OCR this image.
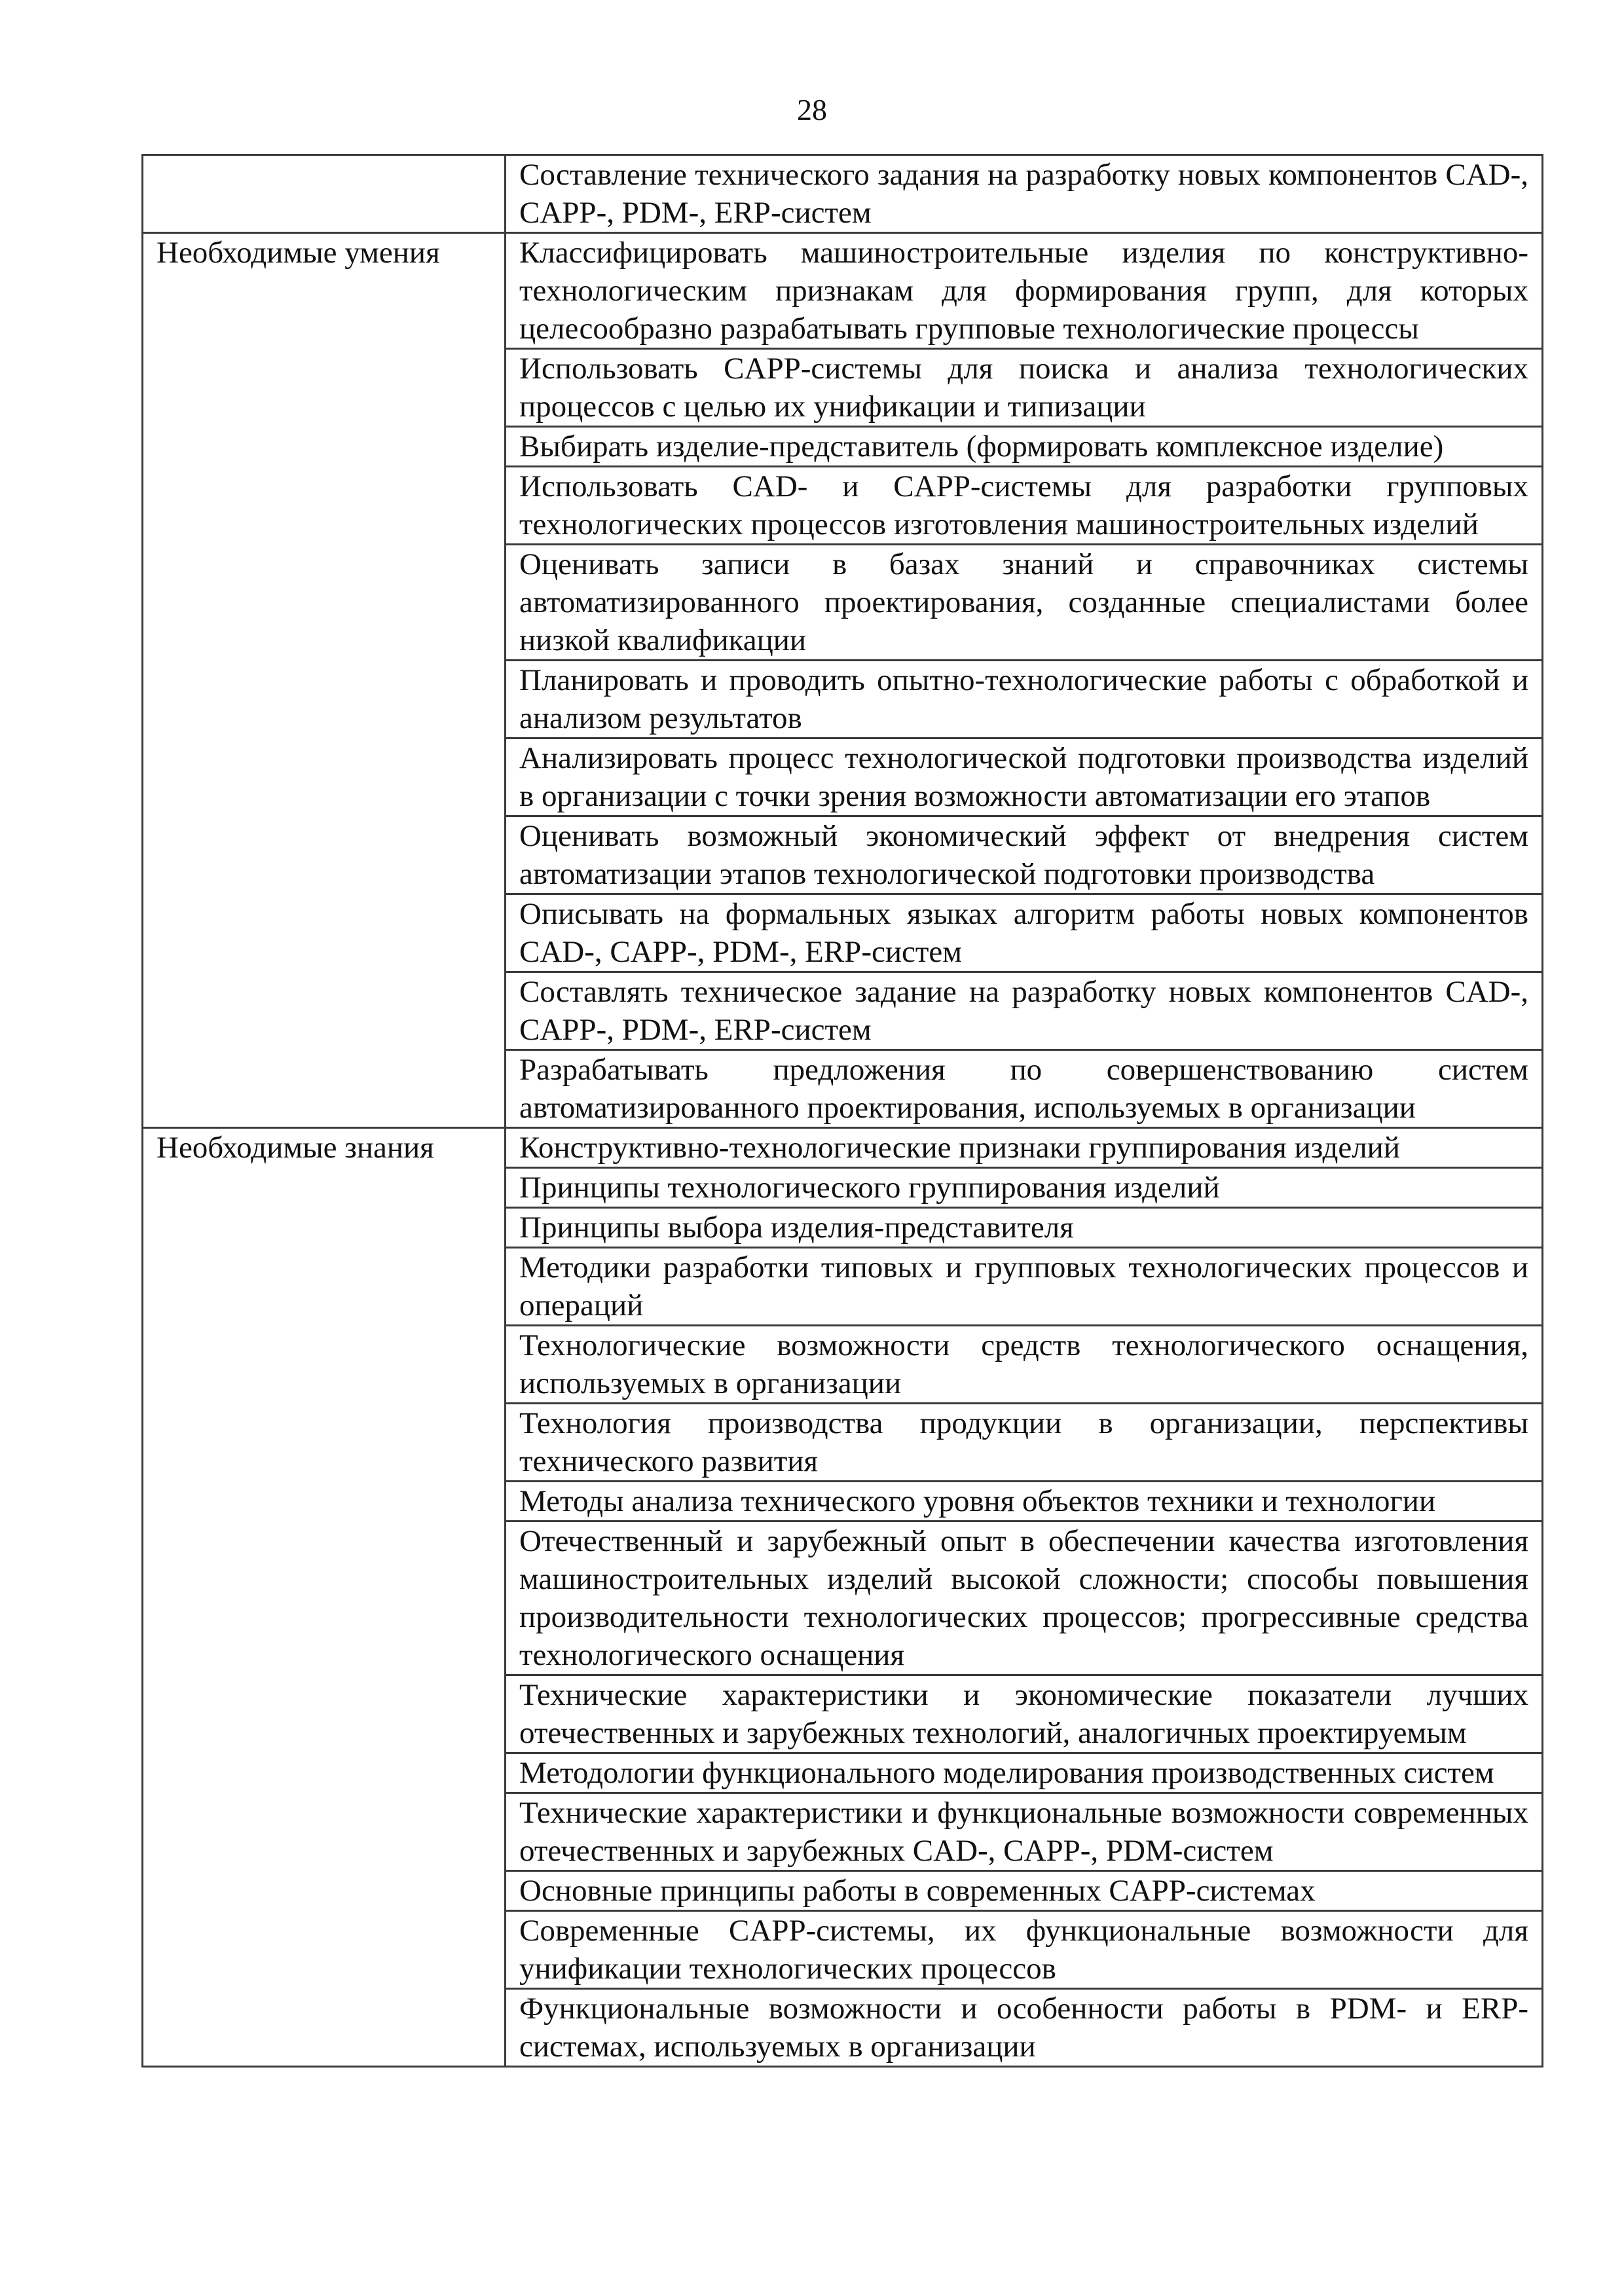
28
	Составление технического задания на разработку новых компонентов CAD-, CAPP-, PDM-, ERP-систем
Необходимые умения	Классифицировать машиностроительные изделия по конструктивно-технологическим признакам для формирования групп, для которых целесообразно разрабатывать групповые технологические процессы
	Использовать CAPP-системы для поиска и анализа технологических процессов с целью их унификации и типизации
	Выбирать изделие-представитель (формировать комплексное изделие)
	Использовать CAD- и CAPP-системы для разработки групповых технологических процессов изготовления машиностроительных изделий
	Оценивать записи в базах знаний и справочниках системы автоматизированного проектирования, созданные специалистами более низкой квалификации
	Планировать и проводить опытно-технологические работы с обработкой и анализом результатов
	Анализировать процесс технологической подготовки производства изделий в организации с точки зрения возможности автоматизации его этапов
	Оценивать возможный экономический эффект от внедрения систем автоматизации этапов технологической подготовки производства
	Описывать на формальных языках алгоритм работы новых компонентов CAD-, CAPP-, PDM-, ERP-систем
	Составлять техническое задание на разработку новых компонентов CAD-, CAPP-, PDM-, ERP-систем
	Разрабатывать предложения по совершенствованию систем автоматизированного проектирования, используемых в организации
Необходимые знания	Конструктивно-технологические признаки группирования изделий
	Принципы технологического группирования изделий
	Принципы выбора изделия-представителя
	Методики разработки типовых и групповых технологических процессов и операций
	Технологические возможности средств технологического оснащения, используемых в организации
	Технология производства продукции в организации, перспективы технического развития
	Методы анализа технического уровня объектов техники и технологии
	Отечественный и зарубежный опыт в обеспечении качества изготовления машиностроительных изделий высокой сложности; способы повышения производительности технологических процессов; прогрессивные средства технологического оснащения
	Технические характеристики и экономические показатели лучших отечественных и зарубежных технологий, аналогичных проектируемым
	Методологии функционального моделирования производственных систем
	Технические характеристики и функциональные возможности современных отечественных и зарубежных CAD-, CAPP-, PDM-систем
	Основные принципы работы в современных CAPP-системах
	Современные CAPP-системы, их функциональные возможности для унификации технологических процессов
	Функциональные возможности и особенности работы в PDM- и ERP-системах, используемых в организации
